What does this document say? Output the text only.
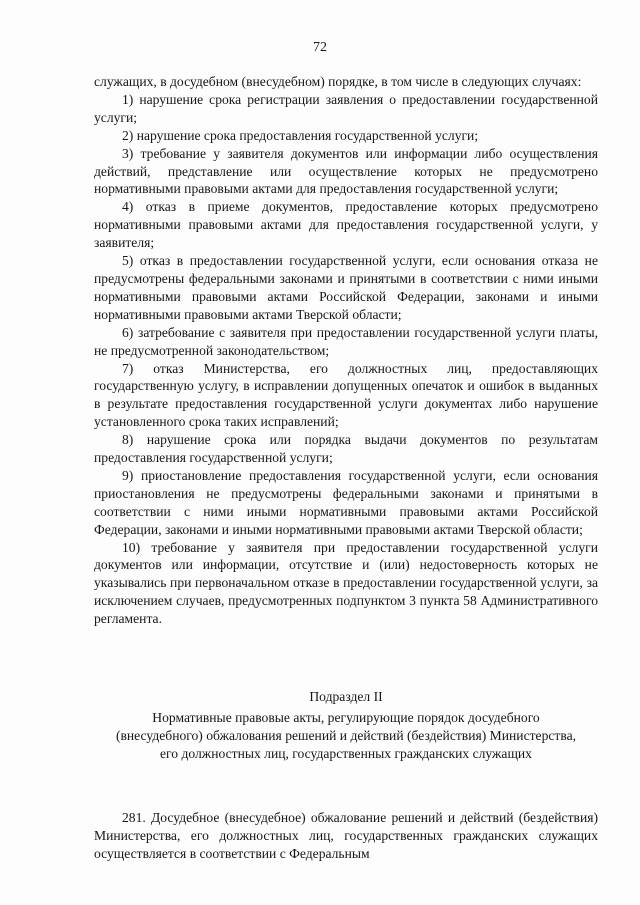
72

служащих, в досудебном (внесудебном) порядке, в том числе в следующих случаях:

1) нарушение срока регистрации заявления о предоставлении государственной услуги;

2) нарушение срока предоставления государственной услуги;

3) требование у заявителя документов или информации либо осуществления действий, представление или осуществление которых не предусмотрено нормативными правовыми актами для предоставления государственной услуги;

4) отказ в приеме документов, предоставление которых предусмотрено нормативными правовыми актами для предоставления государственной услуги, у заявителя;

5) отказ в предоставлении государственной услуги, если основания отказа не предусмотрены федеральными законами и принятыми в соответствии с ними иными нормативными правовыми актами Российской Федерации, законами и иными нормативными правовыми актами Тверской области;

6) затребование с заявителя при предоставлении государственной услуги платы, не предусмотренной законодательством;

7) отказ Министерства, его должностных лиц, предоставляющих государственную услугу, в исправлении допущенных опечаток и ошибок в выданных в результате предоставления государственной услуги документах либо нарушение установленного срока таких исправлений;

8) нарушение срока или порядка выдачи документов по результатам предоставления государственной услуги;

9) приостановление предоставления государственной услуги, если основания приостановления не предусмотрены федеральными законами и принятыми в соответствии с ними иными нормативными правовыми актами Российской Федерации, законами и иными нормативными правовыми актами Тверской области;

10) требование у заявителя при предоставлении государственной услуги документов или информации, отсутствие и (или) недостоверность которых не указывались при первоначальном отказе в предоставлении государственной услуги, за исключением случаев, предусмотренных подпунктом 3 пункта 58 Административного регламента.

Подраздел II

Нормативные правовые акты, регулирующие порядок досудебного (внесудебного) обжалования решений и действий (бездействия) Министерства, его должностных лиц, государственных гражданских служащих

281. Досудебное (внесудебное) обжалование решений и действий (бездействия) Министерства, его должностных лиц, государственных гражданских служащих осуществляется в соответствии с Федеральным
